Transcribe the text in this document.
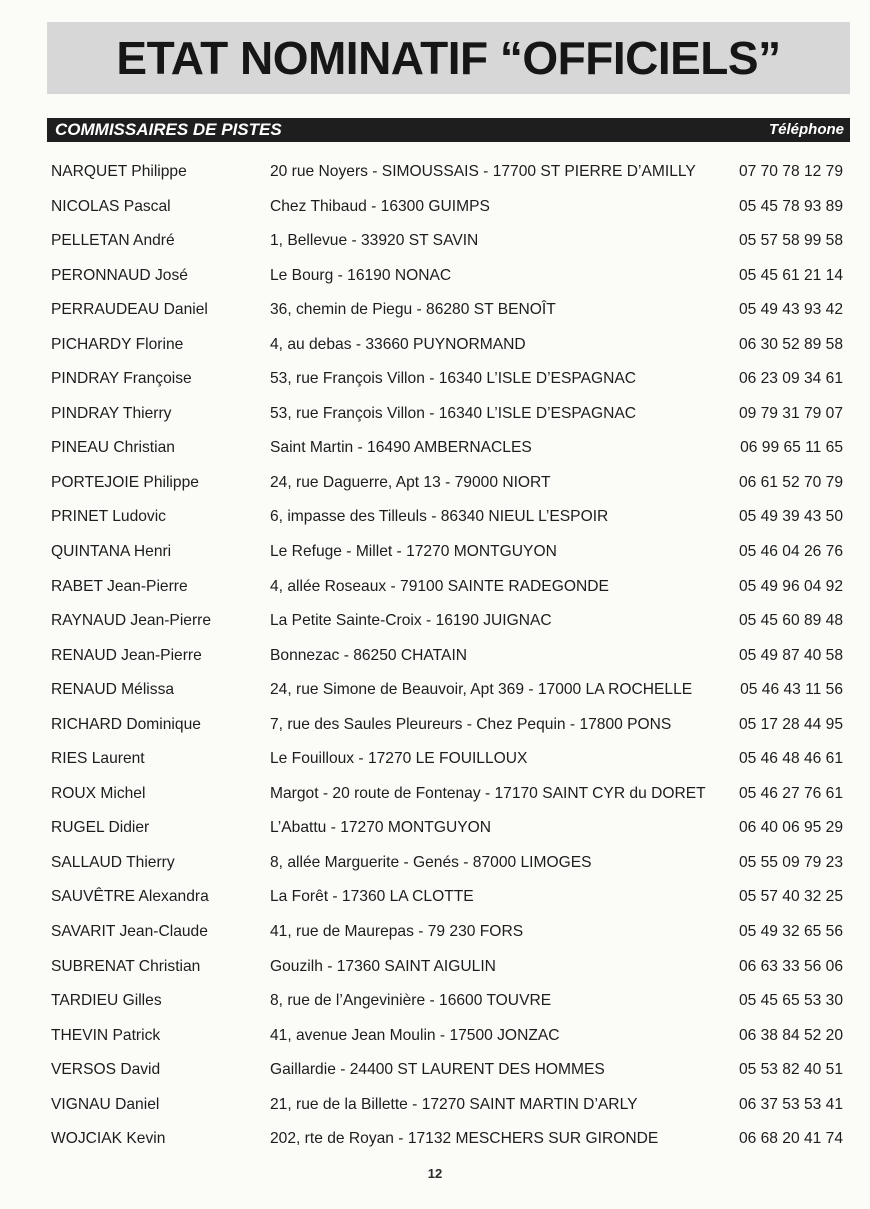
ETAT NOMINATIF “OFFICIELS”
COMMISSAIRES DE PISTES	Téléphone
NARQUET Philippe	20 rue Noyers - SIMOUSSAIS - 17700 ST PIERRE D’AMILLY	07 70 78 12 79
NICOLAS Pascal	Chez Thibaud - 16300 GUIMPS	05 45 78 93 89
PELLETAN André	1, Bellevue - 33920 ST SAVIN	05 57 58 99 58
PERONNAUD José	Le Bourg - 16190 NONAC	05 45 61 21 14
PERRAUDEAU Daniel	36, chemin de Piegu - 86280 ST BENOÎT	05 49 43 93 42
PICHARDY Florine	4, au debas - 33660 PUYNORMAND	06 30 52 89 58
PINDRAY Françoise	53, rue François Villon - 16340 L’ISLE D’ESPAGNAC	06 23 09 34 61
PINDRAY Thierry	53, rue François Villon - 16340 L’ISLE D’ESPAGNAC	09 79 31 79 07
PINEAU Christian	Saint Martin - 16490 AMBERNACLES	06 99 65 11 65
PORTEJOIE Philippe	24, rue Daguerre, Apt 13 - 79000 NIORT	06 61 52 70 79
PRINET Ludovic	6, impasse des Tilleuls - 86340 NIEUL L’ESPOIR	05 49 39 43 50
QUINTANA Henri	Le Refuge - Millet - 17270 MONTGUYON	05 46 04 26 76
RABET Jean-Pierre	4, allée Roseaux - 79100 SAINTE RADEGONDE	05 49 96 04 92
RAYNAUD Jean-Pierre	La Petite Sainte-Croix - 16190 JUIGNAC	05 45 60 89 48
RENAUD Jean-Pierre	Bonnezac - 86250 CHATAIN	05 49 87 40 58
RENAUD Mélissa	24, rue Simone de Beauvoir, Apt 369 - 17000 LA ROCHELLE	05 46 43 11 56
RICHARD Dominique	7, rue des Saules Pleureurs - Chez Pequin - 17800 PONS	05 17 28 44 95
RIES Laurent	Le Fouilloux - 17270 LE FOUILLOUX	05 46 48 46 61
ROUX Michel	Margot - 20 route de Fontenay - 17170 SAINT CYR du DORET 05 46 27 76 61
RUGEL Didier	L’Abattu - 17270 MONTGUYON	06 40 06 95 29
SALLAUD Thierry	8, allée Marguerite - Genés - 87000 LIMOGES	05 55 09 79 23
SAUVÊTRE Alexandra	La Forêt - 17360 LA CLOTTE	05 57 40 32 25
SAVARIT Jean-Claude	41, rue de Maurepas - 79 230 FORS	05 49 32 65 56
SUBRENAT Christian	Gouzilh - 17360 SAINT AIGULIN	06 63 33 56 06
TARDIEU Gilles	8, rue de l’Angevinière - 16600 TOUVRE	05 45 65 53 30
THEVIN Patrick	41, avenue Jean Moulin - 17500 JONZAC	06 38 84 52 20
VERSOS David	Gaillardie - 24400 ST LAURENT DES HOMMES	05 53 82 40 51
VIGNAU Daniel	21, rue de la Billette - 17270 SAINT MARTIN D’ARLY	06 37 53 53 41
WOJCIAK Kevin	202, rte de Royan - 17132 MESCHERS SUR GIRONDE	06 68 20 41 74
12
